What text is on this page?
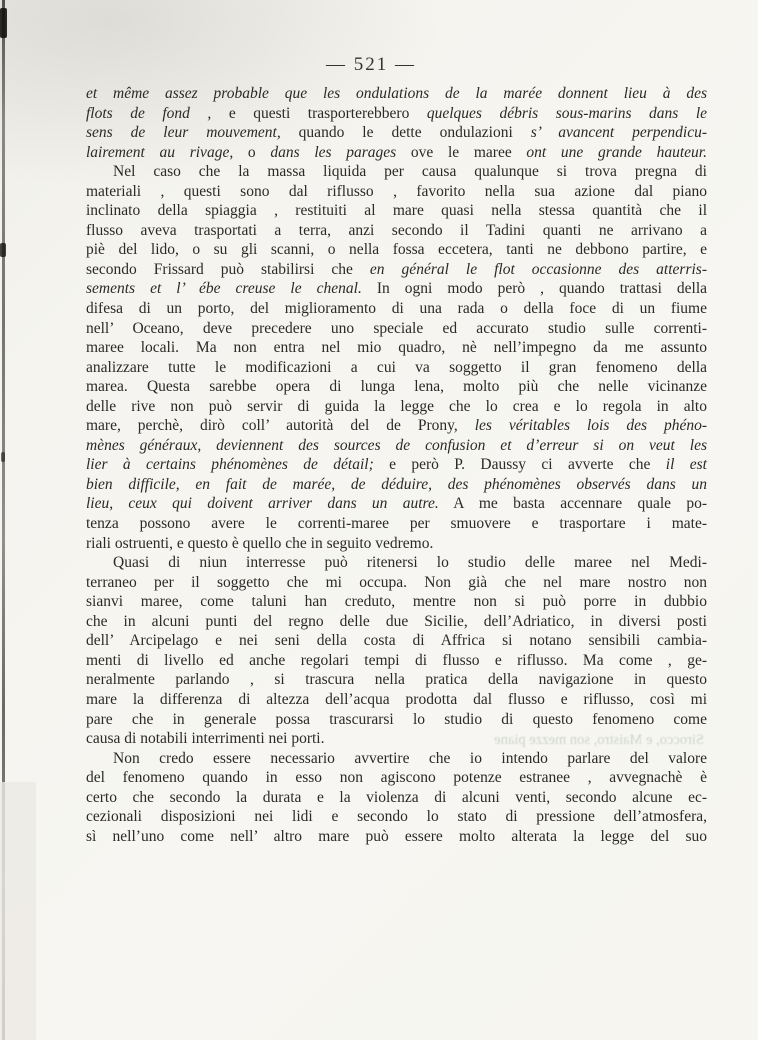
— 521 —
Sirocco, e Maistro, son mezze piane
et même assez probable que les ondulations de la marée donnent lieu à des
flots de fond , e questi trasporterebbero quelques débris sous-marins dans le
sens de leur mouvement, quando le dette ondulazioni s’ avancent perpendicu-
lairement au rivage, o dans les parages ove le maree ont une grande hauteur.
Nel caso che la massa liquida per causa qualunque si trova pregna di
materiali , questi sono dal riflusso , favorito nella sua azione dal piano
inclinato della spiaggia , restituiti al mare quasi nella stessa quantità che il
flusso aveva trasportati a terra, anzi secondo il Tadini quanti ne arrivano a
piè del lido, o su gli scanni, o nella fossa eccetera, tanti ne debbono partire, e
secondo Frissard può stabilirsi che en général le flot occasionne des atterris-
sements et l’ ébe creuse le chenal. In ogni modo però , quando trattasi della
difesa di un porto, del miglioramento di una rada o della foce di un fiume
nell’ Oceano, deve precedere uno speciale ed accurato studio sulle correnti-
maree locali. Ma non entra nel mio quadro, nè nell’impegno da me assunto
analizzare tutte le modificazioni a cui va soggetto il gran fenomeno della
marea. Questa sarebbe opera di lunga lena, molto più che nelle vicinanze
delle rive non può servir di guida la legge che lo crea e lo regola in alto
mare, perchè, dirò coll’ autorità del de Prony, les véritables lois des phéno-
mènes généraux, deviennent des sources de confusion et d’erreur si on veut les
lier à certains phénomènes de détail; e però P. Daussy ci avverte che il est
bien difficile, en fait de marée, de déduire, des phénomènes observés dans un
lieu, ceux qui doivent arriver dans un autre. A me basta accennare quale po-
tenza possono avere le correnti-maree per smuovere e trasportare i mate-
riali ostruenti, e questo è quello che in seguito vedremo.
Quasi di niun interresse può ritenersi lo studio delle maree nel Medi-
terraneo per il soggetto che mi occupa. Non già che nel mare nostro non
sianvi maree, come taluni han creduto, mentre non si può porre in dubbio
che in alcuni punti del regno delle due Sicilie, dell’Adriatico, in diversi posti
dell’ Arcipelago e nei seni della costa di Affrica si notano sensibili cambia-
menti di livello ed anche regolari tempi di flusso e riflusso. Ma come , ge-
neralmente parlando , si trascura nella pratica della navigazione in questo
mare la differenza di altezza dell’acqua prodotta dal flusso e riflusso, così mi
pare che in generale possa trascurarsi lo studio di questo fenomeno come
causa di notabili interrimenti nei porti.
Non credo essere necessario avvertire che io intendo parlare del valore
del fenomeno quando in esso non agiscono potenze estranee , avvegnachè è
certo che secondo la durata e la violenza di alcuni venti, secondo alcune ec-
cezionali disposizioni nei lidi e secondo lo stato di pressione dell’atmosfera,
sì nell’uno come nell’ altro mare può essere molto alterata la legge del suo
